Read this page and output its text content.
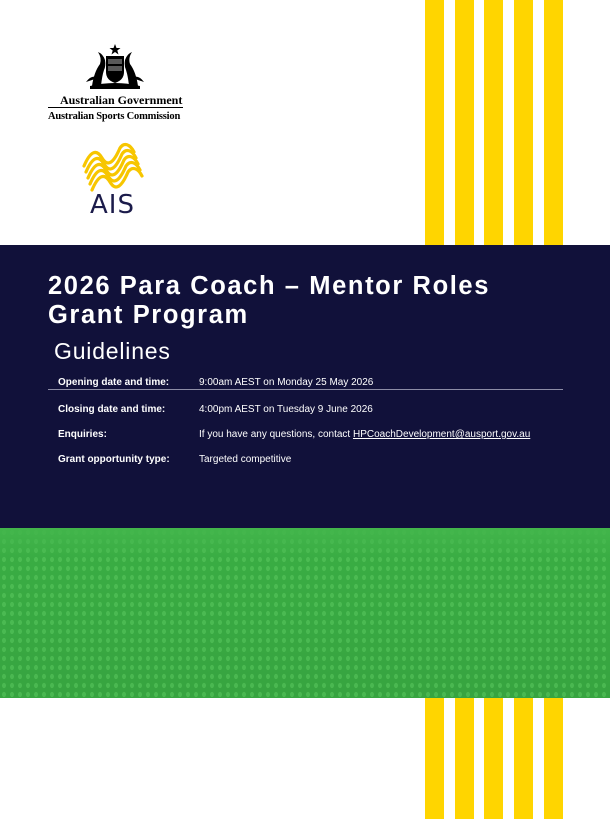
Australian Government
Australian Sports Commission
AIS
2026 Para Coach – Mentor Roles
Grant Program
Guidelines
Opening date and time:	9:00am AEST on Monday 25 May 2026
Closing date and time:	4:00pm AEST on Tuesday 9 June 2026
Enquiries:	If you have any questions, contact HPCoachDevelopment@ausport.gov.au
Grant opportunity type:	Targeted competitive
